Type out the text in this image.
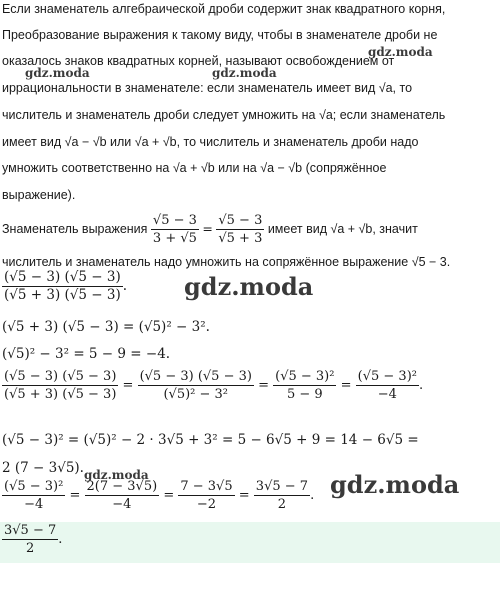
Если знаменатель алгебраической дроби содержит знак квадратного корня,
Преобразование выражения к такому виду, чтобы в знаменателе дроби не
оказалось знаков квадратных корней, называют освобождением от
иррациональности в знаменателе: если знаменатель имеет вид √a, то
числитель и знаменатель дроби следует умножить на √a; если знаменатель
имеет вид √a − √b или √a + √b, то числитель и знаменатель дроби надо
умножить соответственно на √a + √b или на √a − √b (сопряжённое
выражение).
Знаменатель выражения $\frac{√5 - 3}{3 + √5} = \frac{√5 - 3}{√5 + 3}$ имеет вид √a + √b, значит
числитель и знаменатель надо умножить на сопряжённое выражение √5 − 3.
$\frac{(√5 - 3) (√5 - 3)}{(√5 + 3) (√5 - 3)}$ .
(√5 + 3) (√5 − 3) = (√5)² − 3².
(√5)² − 3² = 5 − 9 = −4.
$\frac{(√5 - 3) (√5 - 3)}{(√5 + 3) (√5 - 3)} = \frac{(√5 - 3) (√5 - 3)}{\text{(√5)² − 3²}} = \frac{\text{(√5 − 3)²}}{5 - 9} = \frac{\text{(√5 − 3)²}}{-4}$ .
(√5 − 3)² = (√5)² − 2 · 3√5 + 3² = 5 − 6√5 + 9 = 14 − 6√5 =
2 (7 − 3√5).
$\frac{\text{(√5 − 3)²}}{-4} = \frac{2(7 - 3√5)}{-4} = \frac{7 - 3√5}{-2} = \frac{3√5 - 7}{2}$ .
$\frac{3√5 - 7}{2}$ .
gdz.moda
gdz.moda	gdz.moda
gdz.moda
gdz.moda	gdz.moda
